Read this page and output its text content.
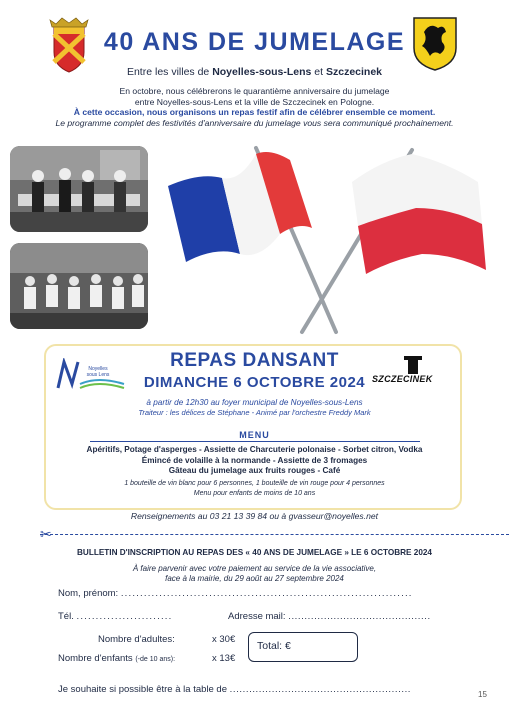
40 ANS DE JUMELAGE
Entre les villes de Noyelles-sous-Lens et Szczecinek
En octobre, nous célébrerons le quarantième anniversaire du jumelage
entre Noyelles-sous-Lens et la ville de Szczecinek en Pologne.
À cette occasion, nous organisons un repas festif afin de célébrer ensemble ce moment.
Le programme complet des festivités d'anniversaire du jumelage vous sera communiqué prochainement.
Noyelles sous Lens	SZCZECINEK
REPAS DANSANT
DIMANCHE 6 OCTOBRE 2024
à partir de 12h30 au foyer municipal de Noyelles-sous-Lens
Traiteur : les délices de Stéphane - Animé par l'orchestre Freddy Mark
MENU
Apéritifs, Potage d'asperges - Assiette de Charcuterie polonaise - Sorbet citron, Vodka
Émincé de volaille à la normande - Assiette de 3 fromages
Gâteau du jumelage aux fruits rouges - Café
1 bouteille de vin blanc pour 6 personnes, 1 bouteille de vin rouge pour 4 personnes
Menu pour enfants de moins de 10 ans
Renseignements au 03 21 13 39 84 ou à gvasseur@noyelles.net
✂
BULLETIN D'INSCRIPTION AU REPAS DES « 40 ANS DE JUMELAGE » LE 6 OCTOBRE 2024
À faire parvenir avec votre paiement au service de la vie associative,
face à la mairie, du 29 août au 27 septembre 2024
Nom, prénom: ............................................................................
Tél. .........................	Adresse mail: ............................................
Nombre d'adultes:	x 30€
Nombre d'enfants (-de 10 ans):	x 13€
Total: €
Je souhaite si possible être à la table de ........................................................	15
